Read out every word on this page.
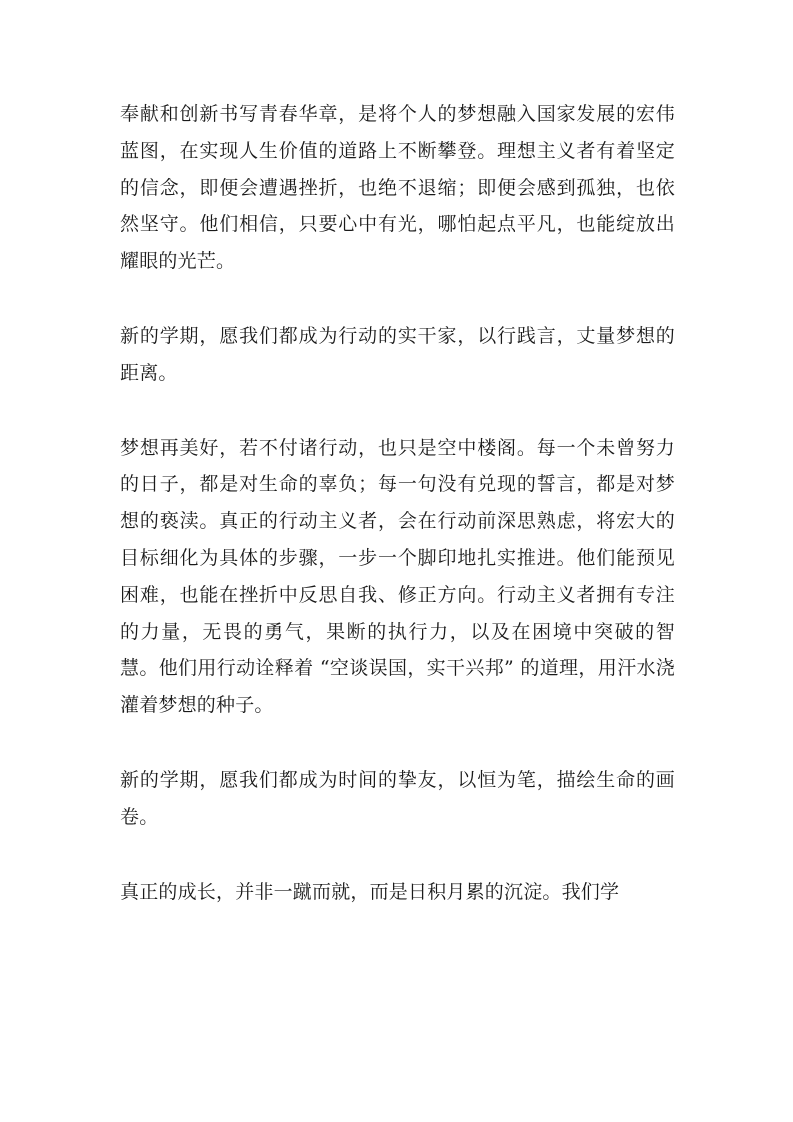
奉献和创新书写青春华章，是将个人的梦想融入国家发展的宏伟蓝图，在实现人生价值的道路上不断攀登。理想主义者有着坚定的信念，即便会遭遇挫折，也绝不退缩；即便会感到孤独，也依然坚守。他们相信，只要心中有光，哪怕起点平凡，也能绽放出耀眼的光芒。

新的学期，愿我们都成为行动的实干家，以行践言，丈量梦想的距离。

梦想再美好，若不付诸行动，也只是空中楼阁。每一个未曾努力的日子，都是对生命的辜负；每一句没有兑现的誓言，都是对梦想的亵渎。真正的行动主义者，会在行动前深思熟虑，将宏大的目标细化为具体的步骤，一步一个脚印地扎实推进。他们能预见困难，也能在挫折中反思自我、修正方向。行动主义者拥有专注的力量，无畏的勇气，果断的执行力，以及在困境中突破的智慧。他们用行动诠释着 “空谈误国，实干兴邦” 的道理，用汗水浇灌着梦想的种子。

新的学期，愿我们都成为时间的挚友，以恒为笔，描绘生命的画卷。

真正的成长，并非一蹴而就，而是日积月累的沉淀。我们学
